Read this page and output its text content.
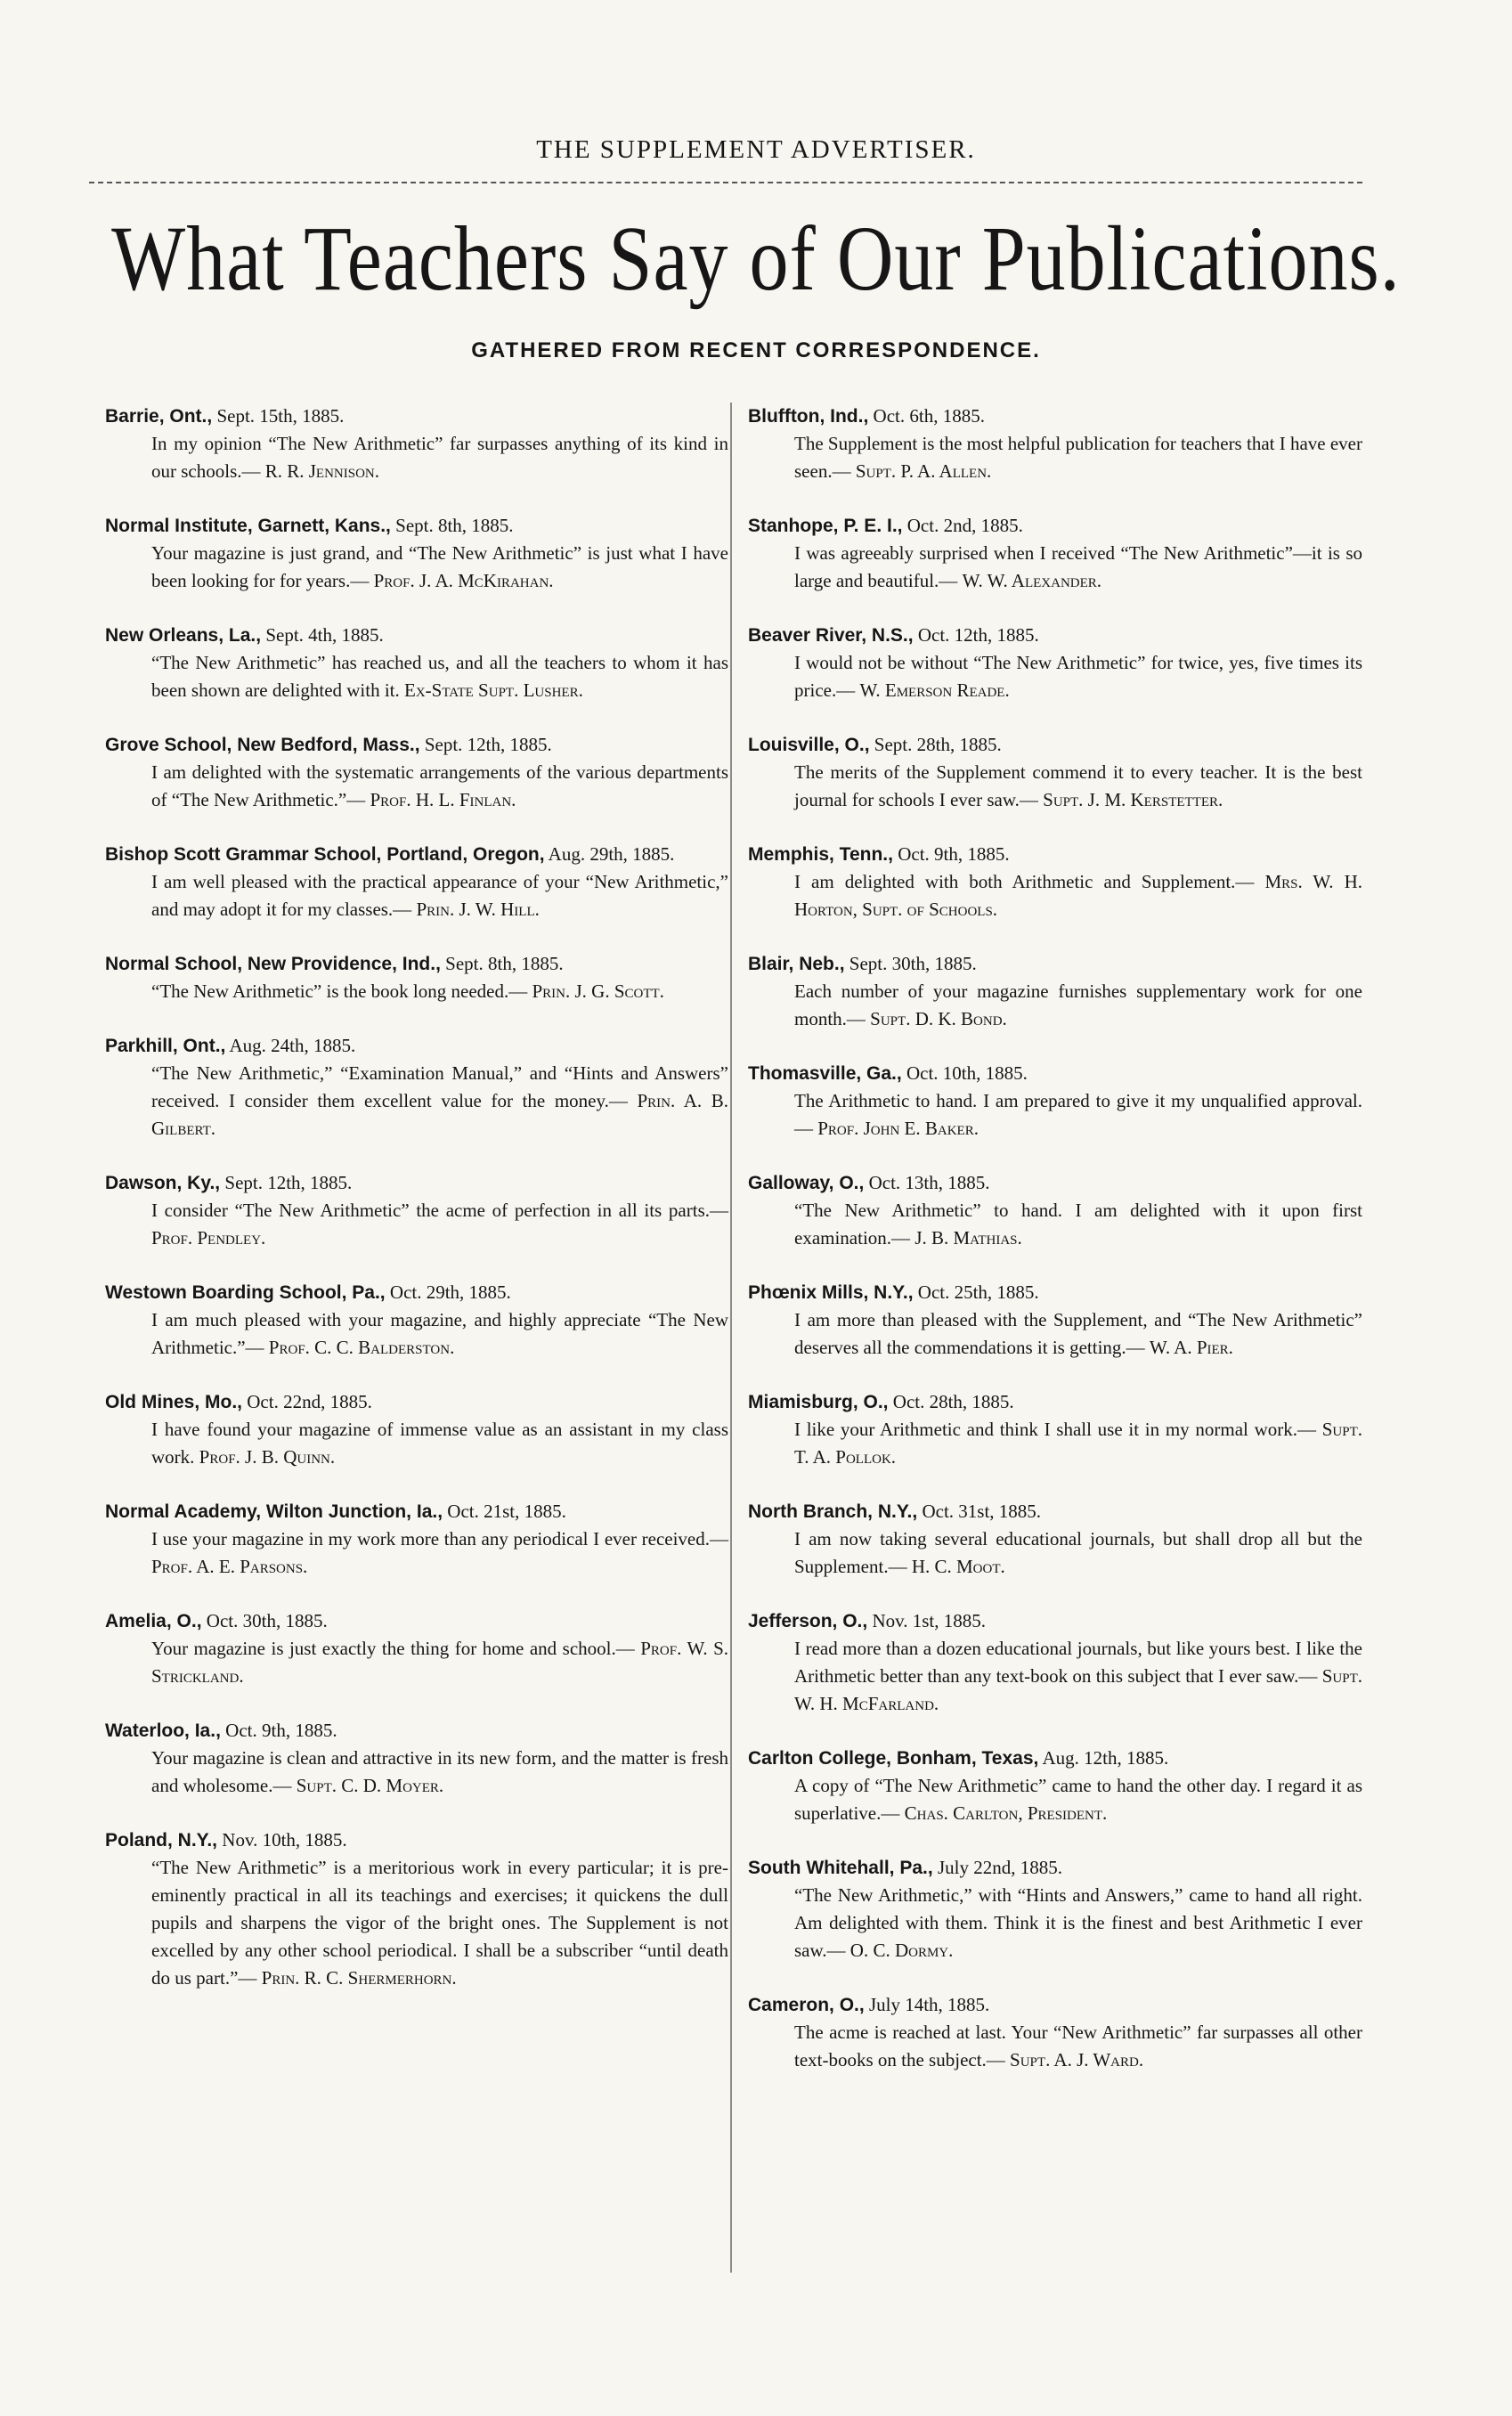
THE SUPPLEMENT ADVERTISER.
What Teachers Say of Our Publications.
GATHERED FROM RECENT CORRESPONDENCE.
Barrie, Ont., Sept. 15th, 1885.
In my opinion “The New Arithmetic” far surpasses anything of its kind in our schools.— R. R. Jennison.
Normal Institute, Garnett, Kans., Sept. 8th, 1885.
Your magazine is just grand, and “The New Arithmetic” is just what I have been looking for for years.— Prof. J. A. McKirahan.
New Orleans, La., Sept. 4th, 1885.
“The New Arithmetic” has reached us, and all the teachers to whom it has been shown are delighted with it. Ex-State Supt. Lusher.
Grove School, New Bedford, Mass., Sept. 12th, 1885.
I am delighted with the systematic arrangements of the various departments of “The New Arithmetic.”— Prof. H. L. Finlan.
Bishop Scott Grammar School, Portland, Oregon, Aug. 29th, 1885.
I am well pleased with the practical appearance of your “New Arithmetic,” and may adopt it for my classes.— Prin. J. W. Hill.
Normal School, New Providence, Ind., Sept. 8th, 1885.
“The New Arithmetic” is the book long needed.— Prin. J. G. Scott.
Parkhill, Ont., Aug. 24th, 1885.
“The New Arithmetic,” “Examination Manual,” and “Hints and Answers” received. I consider them excellent value for the money.— Prin. A. B. Gilbert.
Dawson, Ky., Sept. 12th, 1885.
I consider “The New Arithmetic” the acme of perfection in all its parts.— Prof. Pendley.
Westown Boarding School, Pa., Oct. 29th, 1885.
I am much pleased with your magazine, and highly appreciate “The New Arithmetic.”— Prof. C. C. Balderston.
Old Mines, Mo., Oct. 22nd, 1885.
I have found your magazine of immense value as an assistant in my class work. Prof. J. B. Quinn.
Normal Academy, Wilton Junction, Ia., Oct. 21st, 1885.
I use your magazine in my work more than any periodical I ever received.— Prof. A. E. Parsons.
Amelia, O., Oct. 30th, 1885.
Your magazine is just exactly the thing for home and school.— Prof. W. S. Strickland.
Waterloo, Ia., Oct. 9th, 1885.
Your magazine is clean and attractive in its new form, and the matter is fresh and wholesome.— Supt. C. D. Moyer.
Poland, N.Y., Nov. 10th, 1885.
“The New Arithmetic” is a meritorious work in every particular; it is pre-eminently practical in all its teachings and exercises; it quickens the dull pupils and sharpens the vigor of the bright ones. The Supplement is not excelled by any other school periodical. I shall be a subscriber “until death do us part.”— Prin. R. C. Shermerhorn.
Bluffton, Ind., Oct. 6th, 1885.
The Supplement is the most helpful publication for teachers that I have ever seen.— Supt. P. A. Allen.
Stanhope, P. E. I., Oct. 2nd, 1885.
I was agreeably surprised when I received “The New Arithmetic”—it is so large and beautiful.— W. W. Alexander.
Beaver River, N.S., Oct. 12th, 1885.
I would not be without “The New Arithmetic” for twice, yes, five times its price.— W. Emerson Reade.
Louisville, O., Sept. 28th, 1885.
The merits of the Supplement commend it to every teacher. It is the best journal for schools I ever saw.— Supt. J. M. Kerstetter.
Memphis, Tenn., Oct. 9th, 1885.
I am delighted with both Arithmetic and Supplement.— Mrs. W. H. Horton, Supt. of Schools.
Blair, Neb., Sept. 30th, 1885.
Each number of your magazine furnishes supplementary work for one month.— Supt. D. K. Bond.
Thomasville, Ga., Oct. 10th, 1885.
The Arithmetic to hand. I am prepared to give it my unqualified approval.— Prof. John E. Baker.
Galloway, O., Oct. 13th, 1885.
“The New Arithmetic” to hand. I am delighted with it upon first examination.— J. B. Mathias.
Phœnix Mills, N.Y., Oct. 25th, 1885.
I am more than pleased with the Supplement, and “The New Arithmetic” deserves all the commendations it is getting.— W. A. Pier.
Miamisburg, O., Oct. 28th, 1885.
I like your Arithmetic and think I shall use it in my normal work.— Supt. T. A. Pollok.
North Branch, N.Y., Oct. 31st, 1885.
I am now taking several educational journals, but shall drop all but the Supplement.— H. C. Moot.
Jefferson, O., Nov. 1st, 1885.
I read more than a dozen educational journals, but like yours best. I like the Arithmetic better than any text-book on this subject that I ever saw.— Supt. W. H. McFarland.
Carlton College, Bonham, Texas, Aug. 12th, 1885.
A copy of “The New Arithmetic” came to hand the other day. I regard it as superlative.— Chas. Carlton, President.
South Whitehall, Pa., July 22nd, 1885.
“The New Arithmetic,” with “Hints and Answers,” came to hand all right. Am delighted with them. Think it is the finest and best Arithmetic I ever saw.— O. C. Dormy.
Cameron, O., July 14th, 1885.
The acme is reached at last. Your “New Arithmetic” far surpasses all other text-books on the subject.— Supt. A. J. Ward.
